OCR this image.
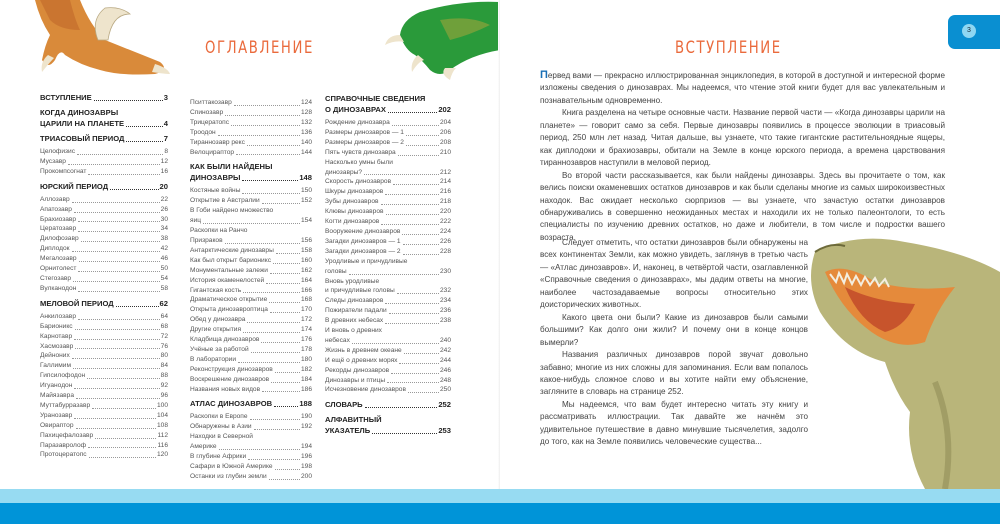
ОГЛАВЛЕНИЕ
ВСТУПЛЕНИЕ	3
КОГДА ДИНОЗАВРЫ
ЦАРИЛИ НА ПЛАНЕТЕ	4
ТРИАСОВЫЙ ПЕРИОД	7
Целофизис	8
Мусзавр	12
Прокомпсогнат	16
ЮРСКИЙ ПЕРИОД	20
Аллозавр	22
Апатозавр	26
Брахиозавр	30
Цератозавр	34
Дилофозавр	38
Диплодок	42
Мегалозавр	46
Орнитолест	50
Стегозавр	54
Вулканодон	58
МЕЛОВОЙ ПЕРИОД	62
Анкилозавр	64
Барионикс	68
Карнотавр	72
Хасмозавр	76
Дейноних	80
Галлимим	84
Гипсилофодон	88
Игуанодон	92
Майязавра	96
Муттабурразавр	100
Уранозавр	104
Овираптор	108
Пахицефалозавр	112
Паразавролоф	116
Протоцератопс	120
Пситтакозавр	124
Спинозавр	128
Трицератопс	132
Троодон	136
Тираннозавр рекс	140
Велоцираптор	144
КАК БЫЛИ НАЙДЕНЫ
ДИНОЗАВРЫ	148
Костяные войны	150
Открытие в Австралии	152
В Гоби найдено множество
яиц	154
Раскопки на Ранчо
Призраков	156
Антарктические динозавры	158
Как был открыт барионикс	160
Монументальные залежи	162
История окаменелостей	164
Гигантская кость	166
Драматическое открытие	168
Открыта динозавроптица	170
Обед у динозавра	172
Другие открытия	174
Кладбища динозавров	176
Учёные за работой	178
В лаборатории	180
Реконструкция динозавров	182
Воскрешение динозавров	184
Названия новых видов	186
АТЛАС ДИНОЗАВРОВ	188
Раскопки в Европе	190
Обнаружены в Азии	192
Находки в Северной
Америке	194
В глубине Африки	196
Сафари в Южной Америке	198
Останки из глубин земли	200
СПРАВОЧНЫЕ СВЕДЕНИЯ
О ДИНОЗАВРАХ	202
Рождение динозавра	204
Размеры динозавров — 1	206
Размеры динозавров — 2	208
Пять чувств динозавра	210
Насколько умны были
динозавры?	212
Скорость динозавров	214
Шкуры динозавров	216
Зубы динозавров	218
Клювы динозавров	220
Когти динозавров	222
Вооружение динозавров	224
Загадки динозавров — 1	226
Загадки динозавров — 2	228
Уродливые и причудливые
головы	230
Вновь уродливые
и причудливые головы	232
Следы динозавров	234
Пожиратели падали	236
В древних небесах	238
И вновь о древних
небесах	240
Жизнь в древнем океане	242
И ещё о древних морях	244
Рекорды динозавров	246
Динозавры и птицы	248
Исчезновение динозавров	250
СЛОВАРЬ	252
АЛФАВИТНЫЙ
УКАЗАТЕЛЬ	253
ВСТУПЛЕНИЕ

Первед вами — прекрасно иллюстрированная энциклопедия, в которой в доступной и интересной форме изложены сведения о динозаврах. Мы надеемся, что чтение этой книги будет для вас увлекательным и познавательным одновременно.

Книга разделена на четыре основные части. Название первой части — «Когда динозавры царили на планете» — говорит само за себя. Первые динозавры появились в процессе эволюции в триасовый период, 250 млн лет назад. Читая дальше, вы узнаете, что такие гигантские растительноядные ящеры, как диплодоки и брахиозавры, обитали на Земле в конце юрского периода, а времена царствования тираннозавров наступили в меловой период.

Во второй части рассказывается, как были найдены динозавры. Здесь вы прочитаете о том, как велись поиски окаменевших остатков динозавров и как были сделаны многие из самых широкоизвестных находок. Вас ожидает несколько сюрпризов — вы узнаете, что зачастую остатки динозавров обнаруживались в совершенно неожиданных местах и находили их не только палеонтологи, то есть специалисты по изучению древних остатков, но даже и любители, в том числе и подростки вашего возраста.

Следует отметить, что остатки динозавров были обнаружены на всех континентах Земли, как можно увидеть, заглянув в третью часть — «Атлас динозавров». И, наконец, в четвёртой части, озаглавленной «Справочные сведения о динозаврах», мы дадим ответы на многие, наиболее частозадаваемые вопросы относительно этих доисторических животных.

Какого цвета они были? Какие из динозавров были самыми большими? Как долго они жили? И почему они в конце концов вымерли?

Названия различных динозавров порой звучат довольно забавно; многие из них сложны для запоминания. Если вам попалось какое-нибудь сложное слово и вы хотите найти ему объяснение, загляните в словарь на странице 252.

Мы надеемся, что вам будет интересно читать эту книгу и рассматривать иллюстрации. Так давайте же начнём это удивительное путешествие в давно минувшие тысячелетия, задолго до того, как на Земле появились человеческие существа...

3
